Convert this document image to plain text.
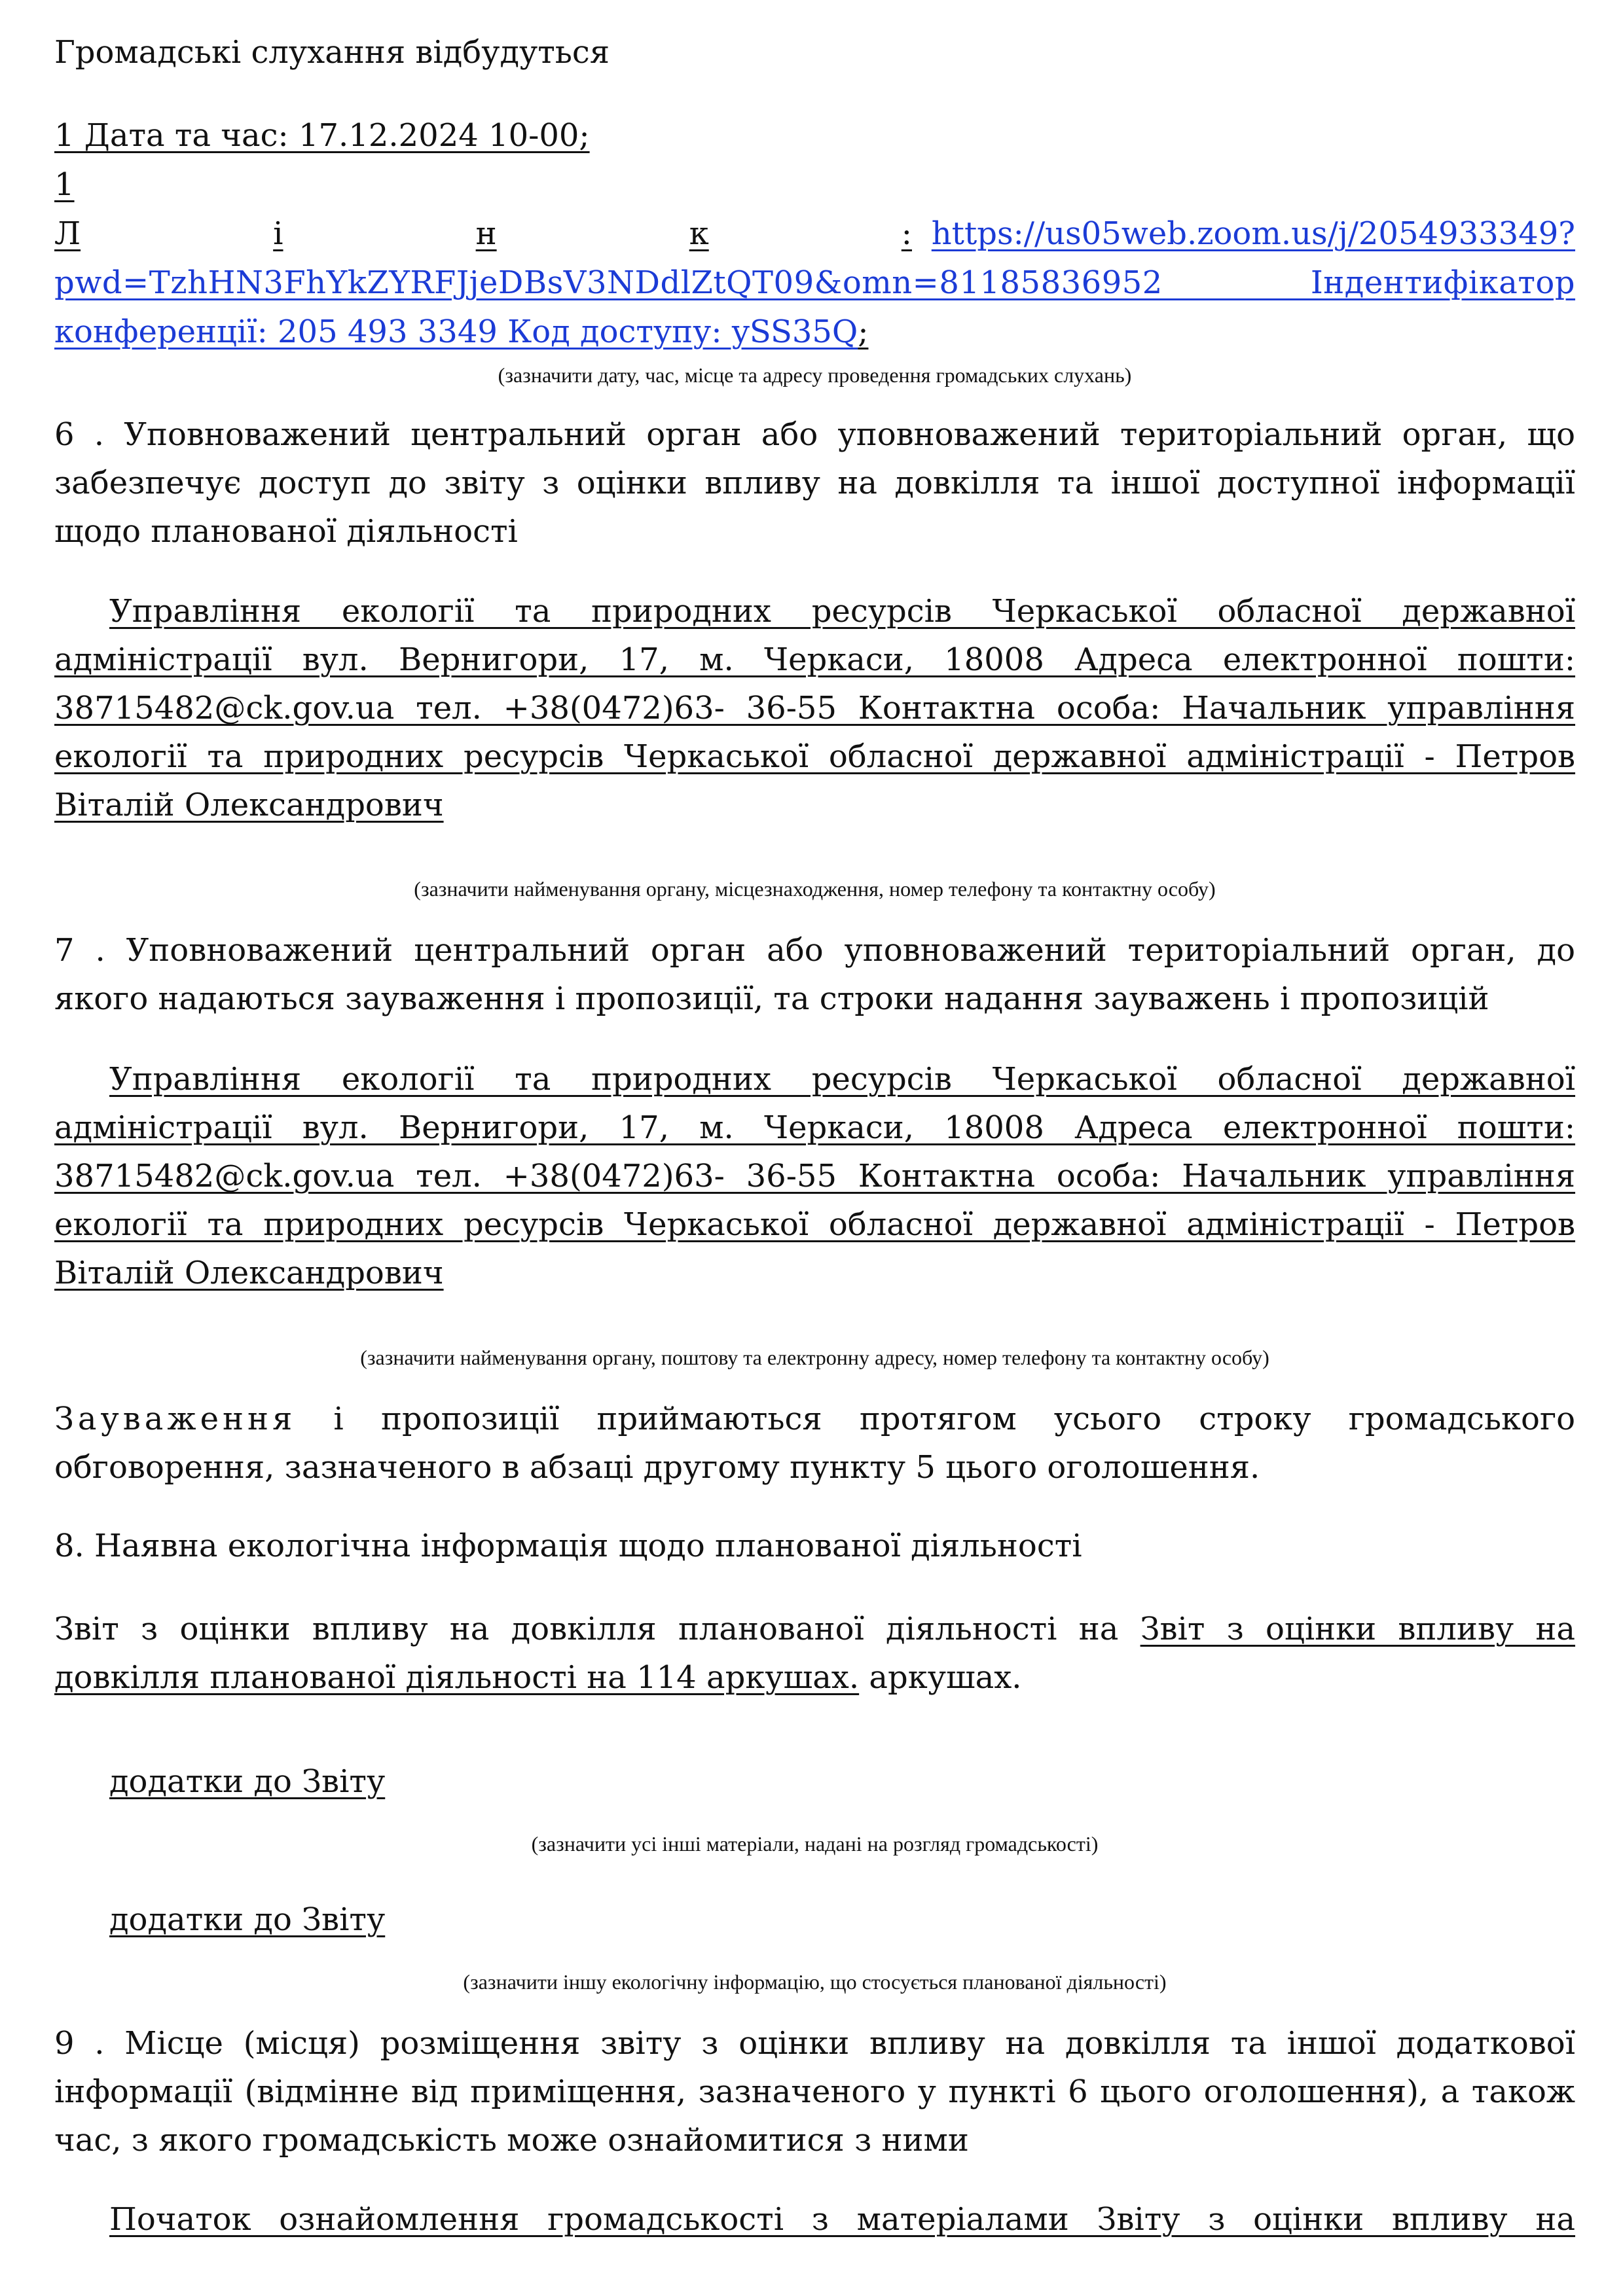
Громадські слухання відбудуться
1 Дата та час: 17.12.2024 10-00;
1
Л	і	н	к	: https://us05web.zoom.us/j/2054933349?
pwd=TzhHN3FhYkZYRFJjeDBsV3NDdlZtQT09&omn=81185836952 Індентифікатор
конференції: 205 493 3349 Код доступу: ySS35Q;
(зазначити дату, час, місце та адресу проведення громадських слухань)
6 . Уповноважений центральний орган або уповноважений територіальний орган, що забезпечує доступ до звіту з оцінки впливу на довкілля та іншої доступної інформації щодо планованої діяльності
Управління екології та природних ресурсів Черкаської обласної державної адміністрації вул. Вернигори, 17, м. Черкаси, 18008 Адреса електронної пошти: 38715482@ck.gov.ua тел. +38(0472)63- 36-55 Контактна особа: Начальник управління екології та природних ресурсів Черкаської обласної державної адміністрації - Петров Віталій Олександрович
(зазначити найменування органу, місцезнаходження, номер телефону та контактну особу)
7 . Уповноважений центральний орган або уповноважений територіальний орган, до якого надаються зауваження і пропозиції, та строки надання зауважень і пропозицій
Управління екології та природних ресурсів Черкаської обласної державної адміністрації вул. Вернигори, 17, м. Черкаси, 18008 Адреса електронної пошти: 38715482@ck.gov.ua тел. +38(0472)63- 36-55 Контактна особа: Начальник управління екології та природних ресурсів Черкаської обласної державної адміністрації - Петров Віталій Олександрович
(зазначити найменування органу, поштову та електронну адресу, номер телефону та контактну особу)
Зауваження і пропозиції приймаються протягом усього строку громадського обговорення, зазначеного в абзаці другому пункту 5 цього оголошення.
8. Наявна екологічна інформація щодо планованої діяльності
Звіт з оцінки впливу на довкілля планованої діяльності на Звіт з оцінки впливу на довкілля планованої діяльності на 114 аркушах. аркушах.
додатки до Звіту
(зазначити усі інші матеріали, надані на розгляд громадськості)
додатки до Звіту
(зазначити іншу екологічну інформацію, що стосується планованої діяльності)
9 . Місце (місця) розміщення звіту з оцінки впливу на довкілля та іншої додаткової інформації (відмінне від приміщення, зазначеного у пункті 6 цього оголошення), а також час, з якого громадськість може ознайомитися з ними
Початок ознайомлення громадськості з матеріалами Звіту з оцінки впливу на
